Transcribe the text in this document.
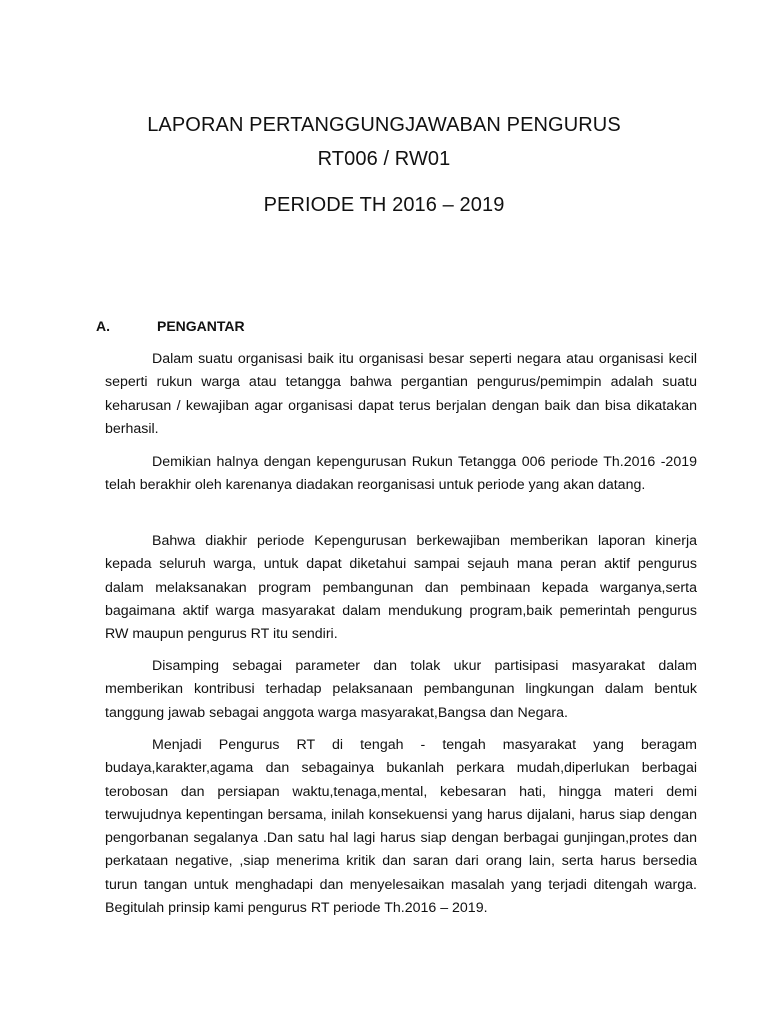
LAPORAN PERTANGGUNGJAWABAN PENGURUS
RT006 / RW01
PERIODE TH 2016 – 2019
A.	PENGANTAR

Dalam suatu organisasi baik itu organisasi besar seperti negara atau organisasi kecil seperti rukun warga atau tetangga bahwa pergantian pengurus/pemimpin adalah suatu keharusan / kewajiban agar organisasi dapat terus berjalan dengan baik dan bisa dikatakan berhasil.

Demikian halnya dengan kepengurusan Rukun Tetangga 006 periode Th.2016 -2019 telah berakhir oleh karenanya diadakan reorganisasi untuk periode yang akan datang.

Bahwa diakhir periode Kepengurusan berkewajiban memberikan laporan kinerja kepada seluruh warga, untuk dapat diketahui sampai sejauh mana peran aktif pengurus dalam melaksanakan program pembangunan dan pembinaan kepada warganya,serta bagaimana aktif warga masyarakat dalam mendukung program,baik pemerintah pengurus RW maupun pengurus RT itu sendiri.

Disamping sebagai parameter dan tolak ukur partisipasi masyarakat dalam memberikan kontribusi terhadap pelaksanaan pembangunan lingkungan dalam bentuk tanggung jawab sebagai anggota warga masyarakat,Bangsa dan Negara.

Menjadi Pengurus RT di tengah - tengah masyarakat yang beragam budaya,karakter,agama dan sebagainya bukanlah perkara mudah,diperlukan berbagai terobosan dan persiapan waktu,tenaga,mental, kebesaran hati, hingga materi demi terwujudnya kepentingan bersama, inilah konsekuensi yang harus dijalani, harus siap dengan pengorbanan segalanya .Dan satu hal lagi harus siap dengan berbagai gunjingan,protes dan perkataan negative, ,siap menerima kritik dan saran dari orang lain, serta harus bersedia turun tangan untuk menghadapi dan menyelesaikan masalah yang terjadi ditengah warga. Begitulah prinsip kami pengurus RT periode Th.2016 – 2019.
